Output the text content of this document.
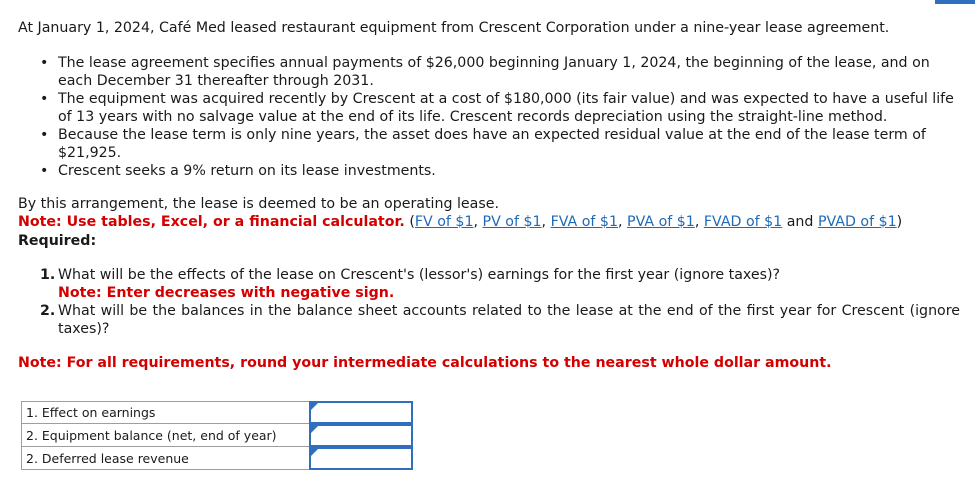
At January 1, 2024, Café Med leased restaurant equipment from Crescent Corporation under a nine-year lease agreement.
• The lease agreement specifies annual payments of $26,000 beginning January 1, 2024, the beginning of the lease, and on each December 31 thereafter through 2031.
• The equipment was acquired recently by Crescent at a cost of $180,000 (its fair value) and was expected to have a useful life of 13 years with no salvage value at the end of its life. Crescent records depreciation using the straight-line method.
• Because the lease term is only nine years, the asset does have an expected residual value at the end of the lease term of $21,925.
• Crescent seeks a 9% return on its lease investments.
By this arrangement, the lease is deemed to be an operating lease.
Note: Use tables, Excel, or a financial calculator. (FV of $1, PV of $1, FVA of $1, PVA of $1, FVAD of $1 and PVAD of $1)
Required:
1. What will be the effects of the lease on Crescent's (lessor's) earnings for the first year (ignore taxes)?
Note: Enter decreases with negative sign.
2. What will be the balances in the balance sheet accounts related to the lease at the end of the first year for Crescent (ignore taxes)?
Note: For all requirements, round your intermediate calculations to the nearest whole dollar amount.
1. Effect on earnings		

2. Equipment balance (net, end of year)		

2. Deferred lease revenue		
